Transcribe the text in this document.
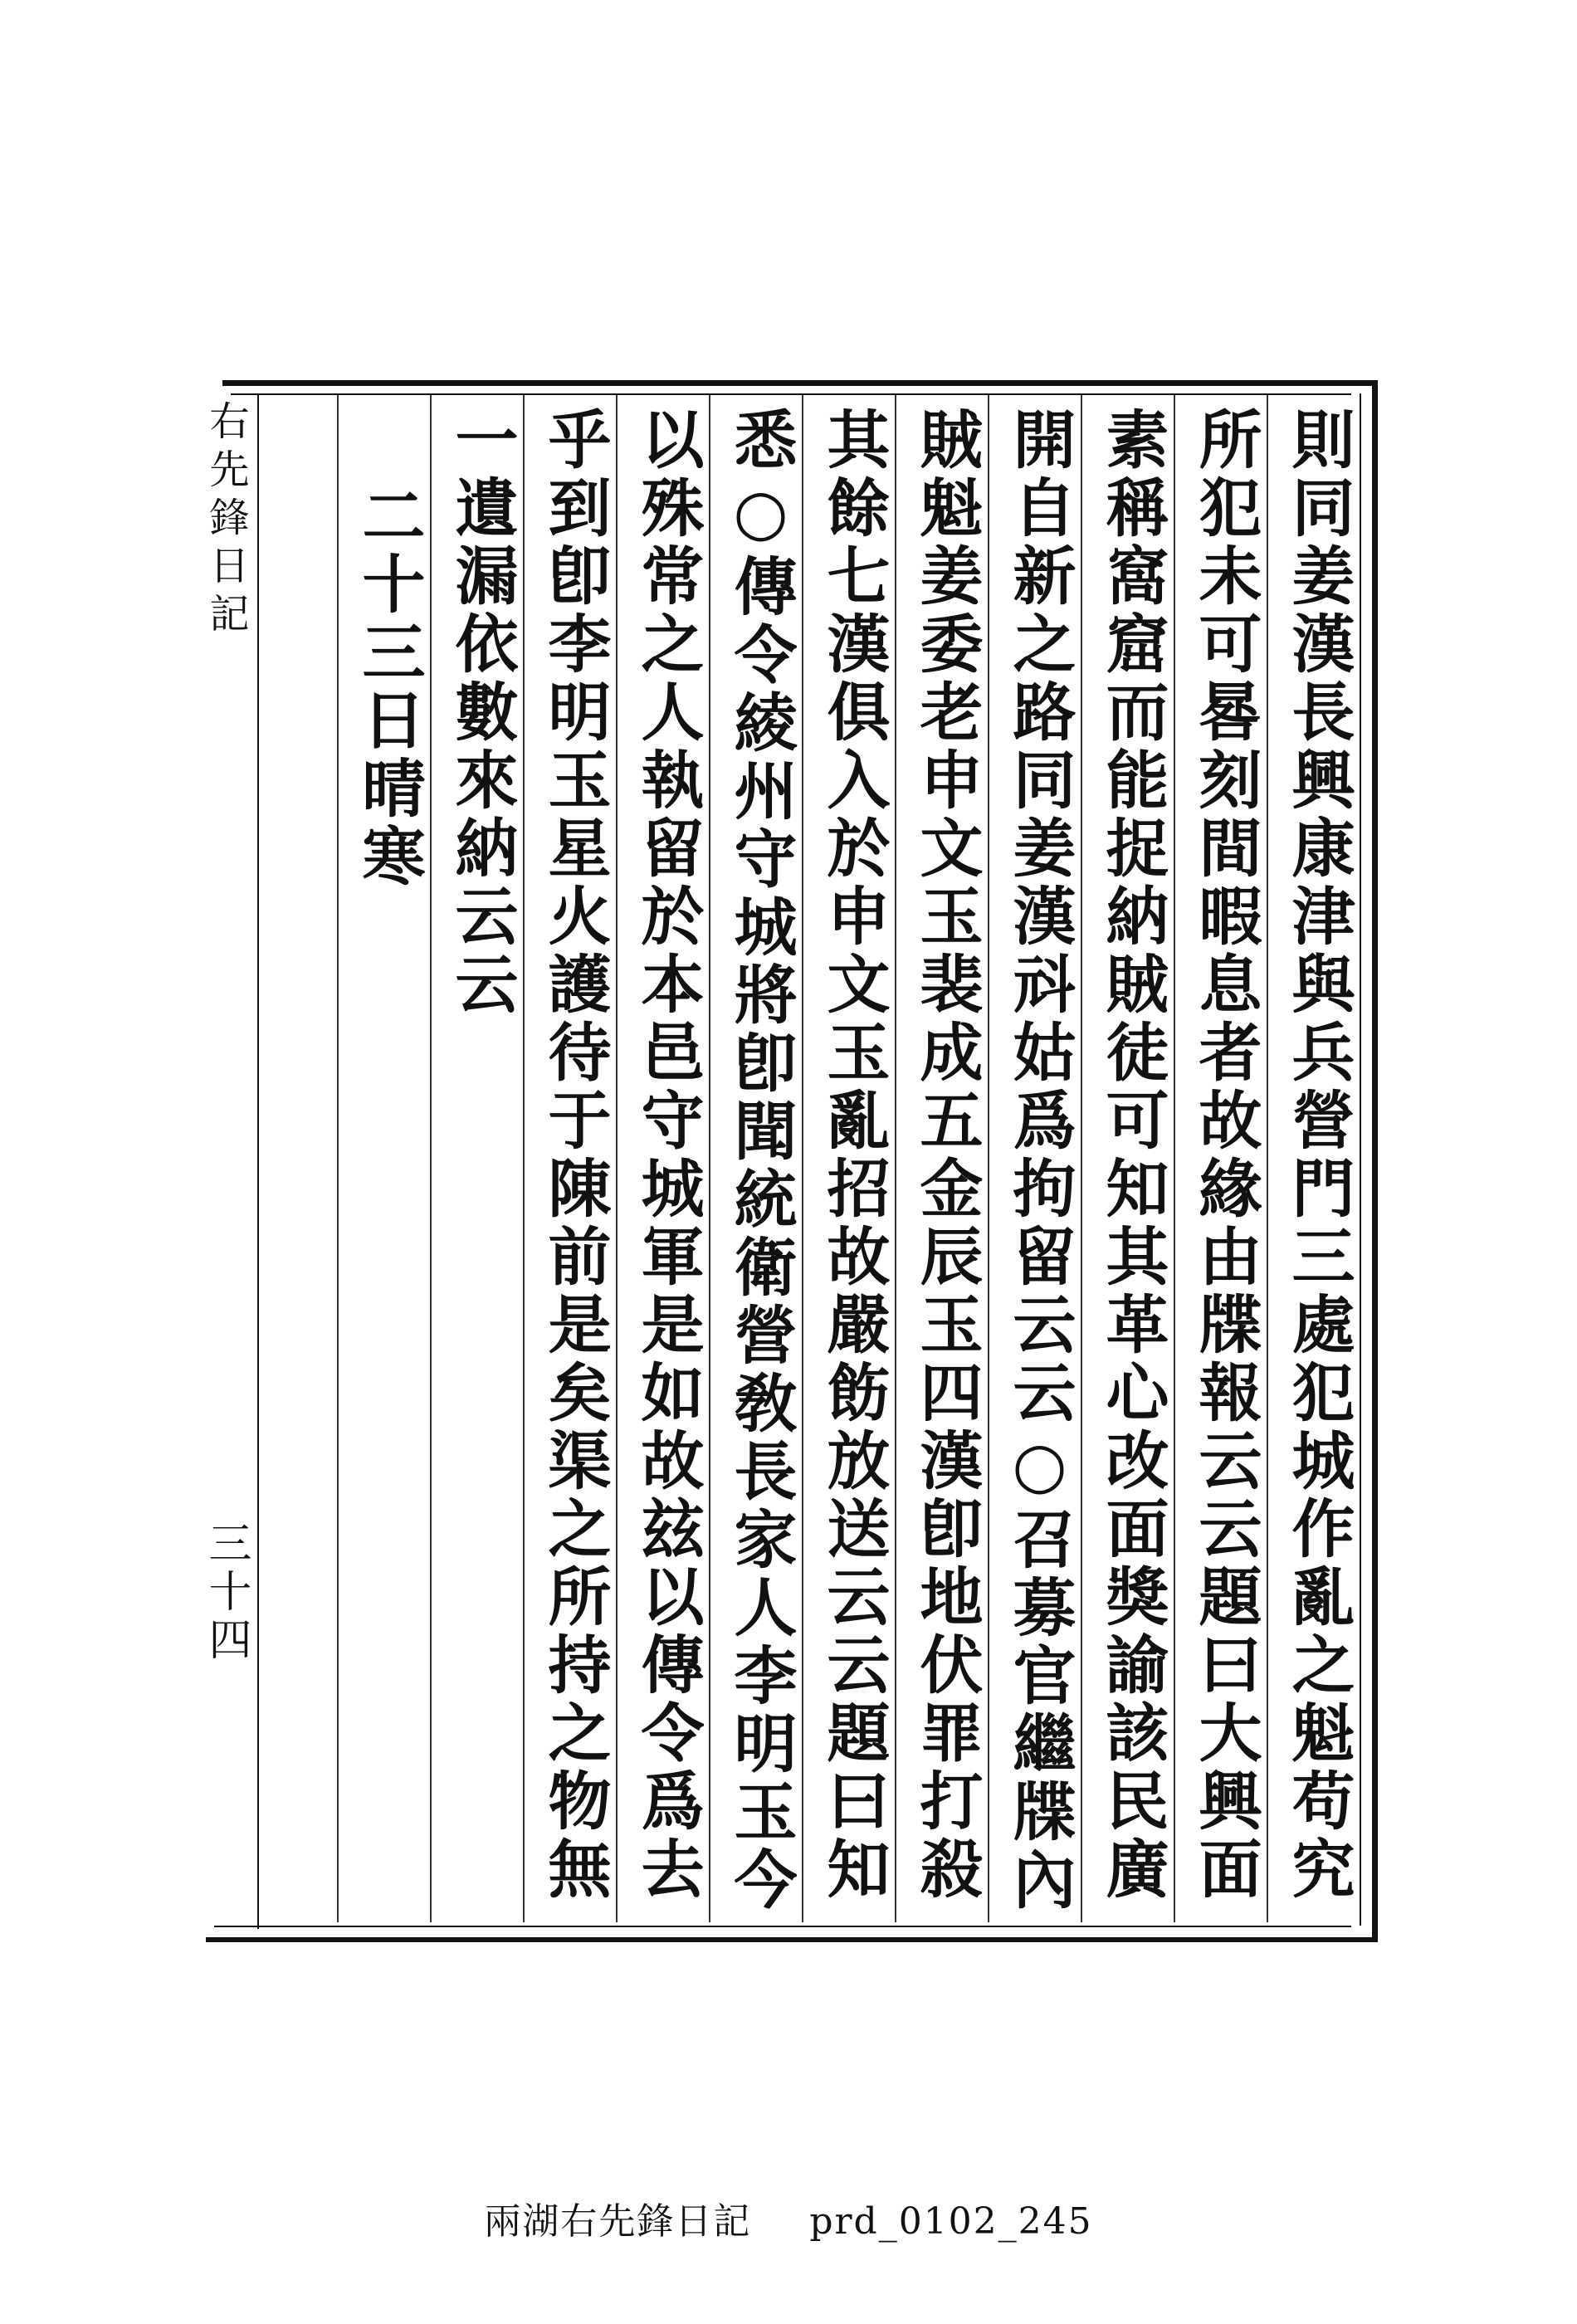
則同姜漢長興康津與兵營門三處犯城作亂之魁苟究
所犯未可晷刻間暇息者故緣由牒報云云題曰大興面
素稱窩窟而能捉納賊徒可知其革心改面獎諭該民廣
開自新之路同姜漢㪴姑爲拘留云云○召募官繼牒內
賊魁姜委老申文玉裴成五金辰玉四漢卽地伏罪打殺
其餘七漢俱入於申文玉亂招故嚴飭放送云云題曰知
悉○傳令綾州守城將卽聞統衛營敎長家人李明玉今
以殊常之人執留於本邑守城軍是如故玆以傳令爲去
乎到卽李明玉星火護待于陳前是矣渠之所持之物無
一遺漏依數來納云云
二十三日晴寒
右先鋒日記
三十四
兩湖右先鋒日記 prd_0102_245
